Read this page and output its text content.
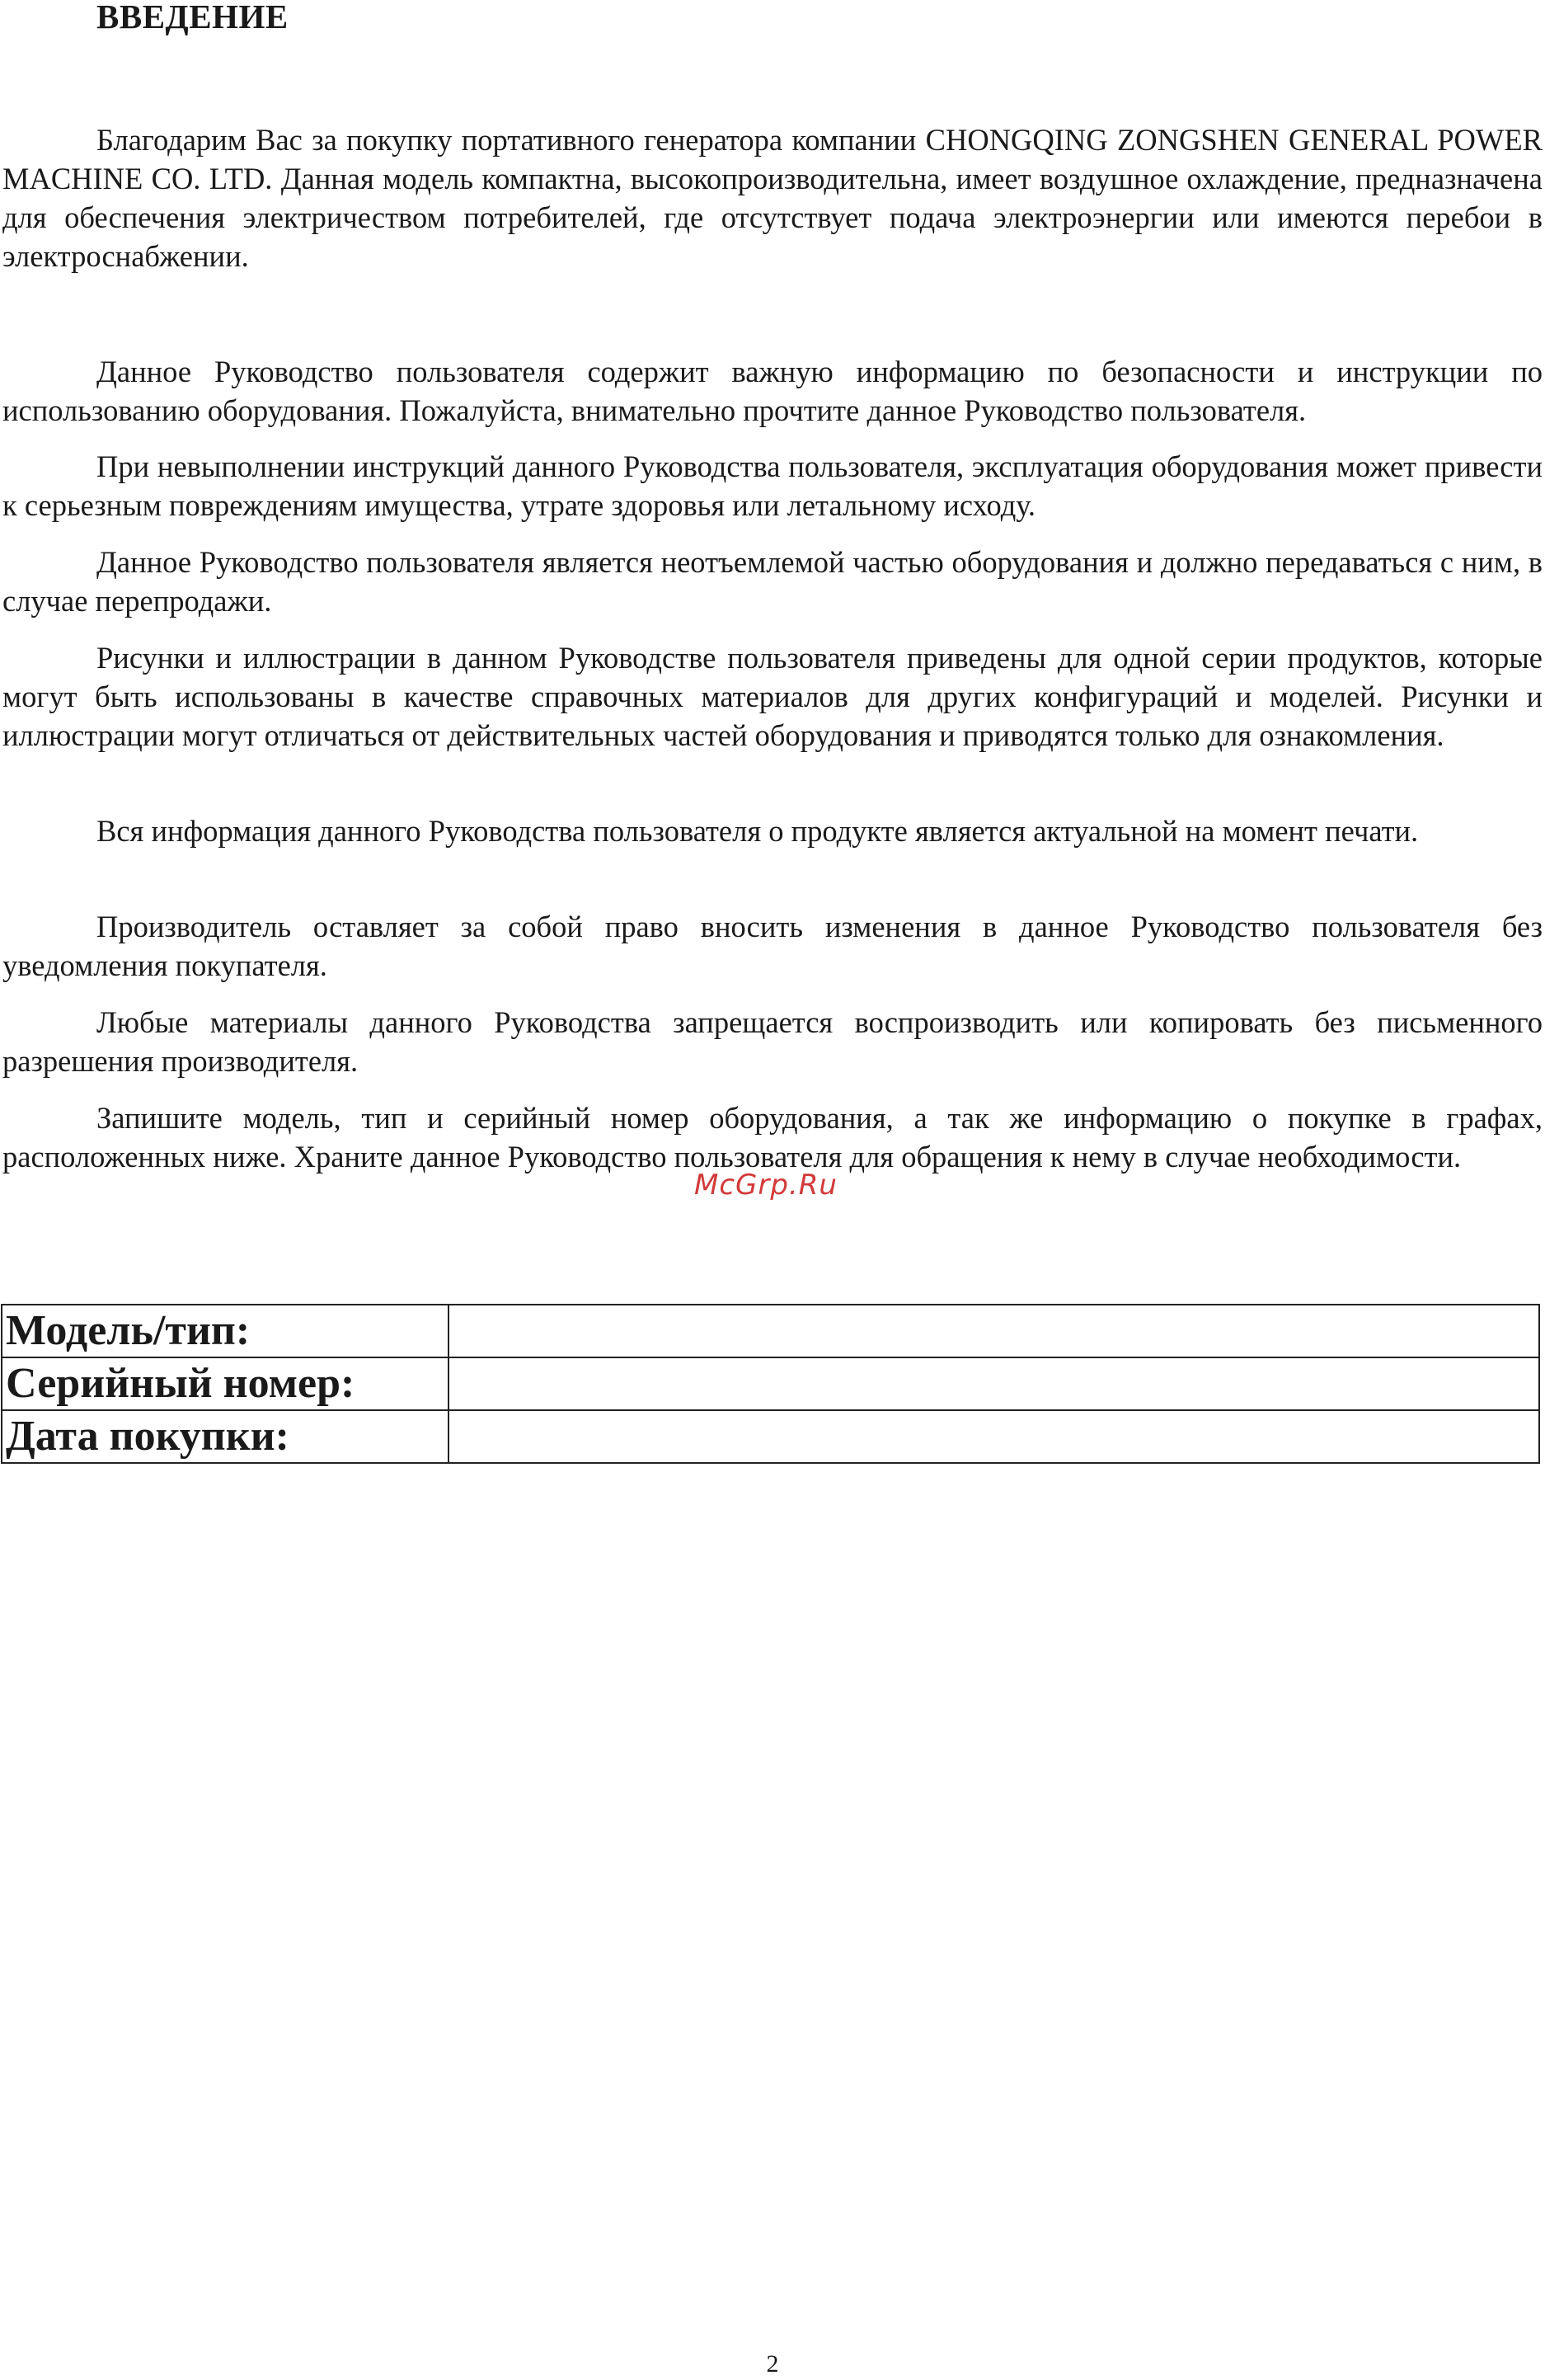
ВВЕДЕНИЕ

Благодарим Вас за покупку портативного генератора компании CHONGQING ZONGSHEN GENERAL POWER MACHINE CO. LTD. Данная модель компактна, высокопроизводительна, имеет воздушное охлаждение, предназначена для обеспечения электричеством потребителей, где отсутствует подача электроэнергии или имеются перебои в электроснабжении.

Данное Руководство пользователя содержит важную информацию по безопасности и инструкции по использованию оборудования. Пожалуйста, внимательно прочтите данное Руководство пользователя.

При невыполнении инструкций данного Руководства пользователя, эксплуатация оборудования может привести к серьезным повреждениям имущества, утрате здоровья или летальному исходу.

Данное Руководство пользователя является неотъемлемой частью оборудования и должно передаваться с ним, в случае перепродажи.

Рисунки и иллюстрации в данном Руководстве пользователя приведены для одной серии продуктов, которые могут быть использованы в качестве справочных материалов для других конфигураций и моделей. Рисунки и иллюстрации могут отличаться от действительных частей оборудования и приводятся только для ознакомления.

Вся информация данного Руководства пользователя о продукте является актуальной на момент печати.

Производитель оставляет за собой право вносить изменения в данное Руководство пользователя без уведомления покупателя.

Любые материалы данного Руководства запрещается воспроизводить или копировать без письменного разрешения производителя.

Запишите модель, тип и серийный номер оборудования, а так же информацию о покупке в графах, расположенных ниже. Храните данное Руководство пользователя для обращения к нему в случае необходимости.

McGrp.Ru
Модель/тип:	
Серийный номер:	
Дата покупки:	
2
